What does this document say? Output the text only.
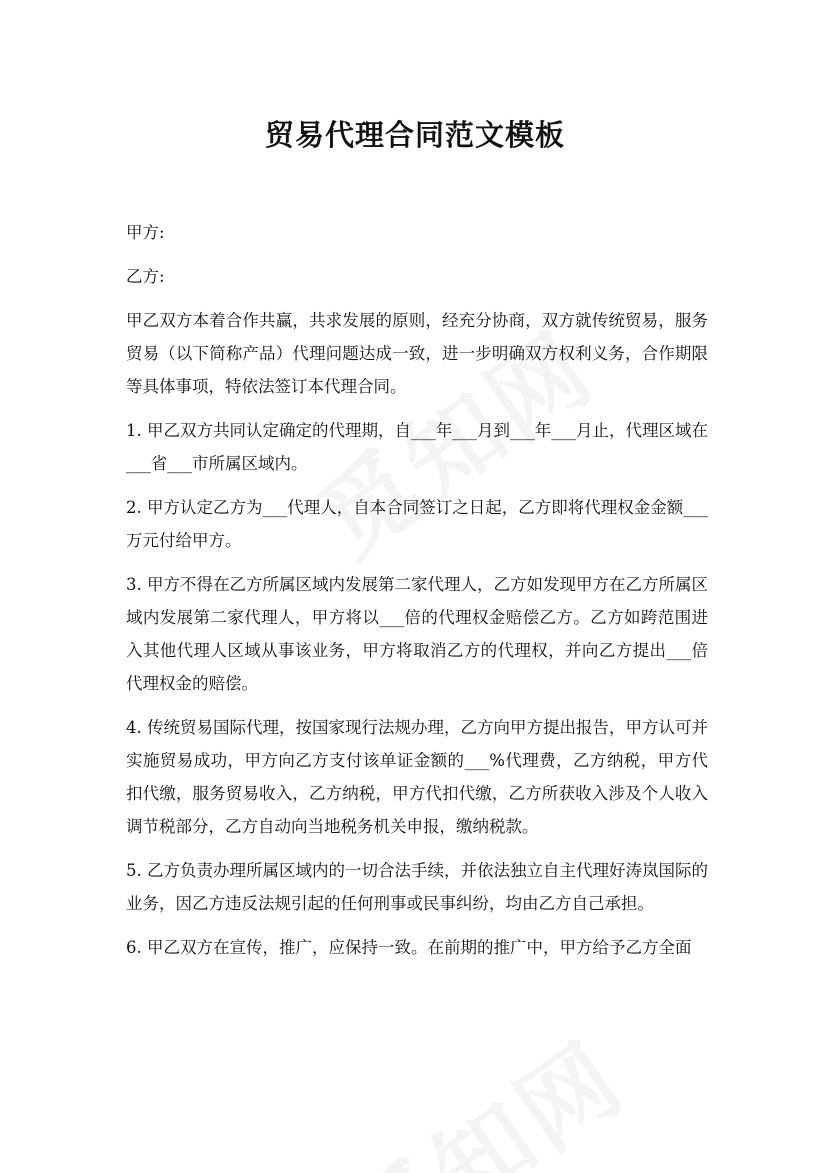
贸易代理合同范文模板

甲方:

乙方:

甲乙双方本着合作共赢，共求发展的原则，经充分协商，双方就传统贸易，服务贸易（以下简称产品）代理问题达成一致，进一步明确双方权利义务，合作期限等具体事项，特依法签订本代理合同。

1. 甲乙双方共同认定确定的代理期，自___年___月到___年___月止，代理区域在___省___市所属区域内。

2. 甲方认定乙方为___代理人，自本合同签订之日起，乙方即将代理权金金额___万元付给甲方。

3. 甲方不得在乙方所属区域内发展第二家代理人，乙方如发现甲方在乙方所属区域内发展第二家代理人，甲方将以___倍的代理权金赔偿乙方。乙方如跨范围进入其他代理人区域从事该业务，甲方将取消乙方的代理权，并向乙方提出___倍代理权金的赔偿。

4. 传统贸易国际代理，按国家现行法规办理，乙方向甲方提出报告，甲方认可并实施贸易成功，甲方向乙方支付该单证金额的___%代理费，乙方纳税，甲方代扣代缴，服务贸易收入，乙方纳税，甲方代扣代缴，乙方所获收入涉及个人收入调节税部分，乙方自动向当地税务机关申报，缴纳税款。

5. 乙方负责办理所属区域内的一切合法手续，并依法独立自主代理好涛岚国际的业务，因乙方违反法规引起的任何刑事或民事纠纷，均由乙方自己承担。

6. 甲乙双方在宣传，推广，应保持一致。在前期的推广中，甲方给予乙方全面
